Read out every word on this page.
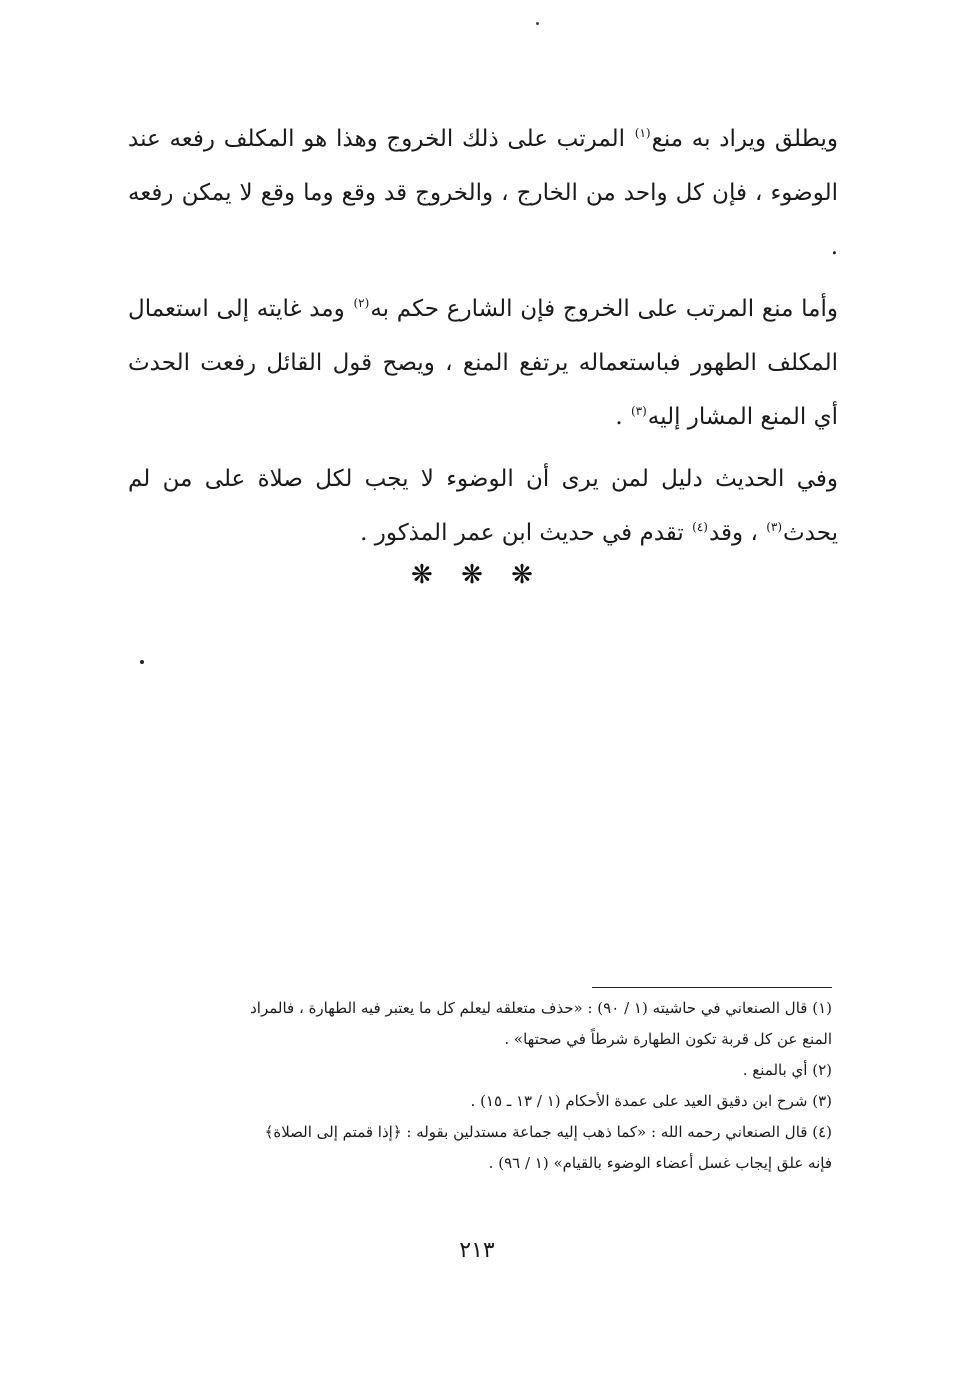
ويطلق ويراد به منع$^{(١)}$ المرتب على ذلك الخروج وهذا هو المكلف رفعه عند الوضوء ، فإن كل واحد من الخارج ، والخروج قد وقع وما وقع لا يمكن رفعه .

وأما منع المرتب على الخروج فإن الشارع حكم به$^{(٢)}$ ومد غايته إلى استعمال المكلف الطهور فباستعماله يرتفع المنع ، ويصح قول القائل رفعت الحدث أي المنع المشار إليه$^{(٣)}$ .

وفي الحديث دليل لمن يرى أن الوضوء لا يجب لكل صلاة على من لم يحدث$^{(٣)}$ ، وقد$^{(٤)}$ تقدم في حديث ابن عمر المذكور .

❋ ❋ ❋

(١) قال الصنعاني في حاشيته (١ / ٩٠) : «حذف متعلقه ليعلم كل ما يعتبر فيه الطهارة ، فالمراد

المنع عن كل قربة تكون الطهارة شرطاً في صحتها» .

(٢) أي بالمنع .

(٣) شرح ابن دقيق العيد على عمدة الأحكام (١ / ١٣ ـ ١٥) .

(٤) قال الصنعاني رحمه الله : «كما ذهب إليه جماعة مستدلين بقوله : ﴿إذا قمتم إلى الصلاة﴾

فإنه علق إيجاب غسل أعضاء الوضوء بالقيام» (١ / ٩٦) .

٢١٣
